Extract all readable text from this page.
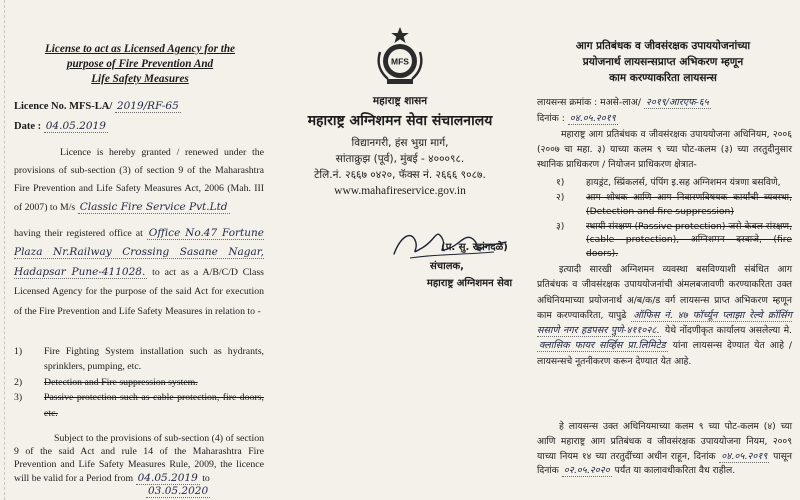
License to act as Licensed Agency for the
purpose of Fire Prevention And
Life Safety Measures
Licence No. MFS-LA/ 2019/RF-65
Date : 04.05.2019
Licence is hereby granted / renewed under the provisions of sub-section (3) of section 9 of the Maharashtra Fire Prevention and Life Safety Measures Act, 2006 (Mah. III of 2007) to M/s Classic Fire Service Pvt.Ltd
having their registered office at Office No.47 Fortune Plaza Nr.Railway Crossing Sasane Nagar, Hadapsar Pune-411028. to act as a A/B/C/D Class Licensed Agency for the purpose of the said Act for execution of the Fire Prevention and Life Safety Measures in relation to -
1)	Fire Fighting System installation such as hydrants, sprinklers, pumping, etc.
2)	Detection and Fire suppression system.
3)	Passive protection such as cable protection, fire doors, etc.
Subject to the provisions of sub-section (4) of section 9 of the said Act and rule 14 of the Maharashtra Fire Prevention and Life Safety Measures Rule, 2009, the licence will be valid for a Period from 04.05.2019 to
03.05.2020
MFS
महाराष्ट्र शासन
महाराष्ट्र अग्निशमन सेवा संचालनालय
विद्यानगरी, हंस भुग्रा मार्ग,
सांताक्रुझ (पूर्व), मुंबई - ४०००९८.
टेलि.नं. २६६७ ०४२०, फॅक्स नं. २६६६ ९०८७.
www.mahafireservice.gov.in
(प्र. सु. रहांगदळे)
संचालक,
महाराष्ट्र अग्निशमन सेवा
आग प्रतिबंधक व जीवसंरक्षक उपाययोजनांच्या
प्रयोजनार्थ लायसन्सप्राप्त अभिकरण म्हणून
काम करण्याकरिता लायसन्स
लायसन्स क्रमांक : मअसे-लाअ/ २०१९/आरएफ-६५
दिनांक : ०४.०५.२०१९
महाराष्ट्र आग प्रतिबंधक व जीवसंरक्षक उपाययोजना अधिनियम, २००६ (२००७ चा महा. ३) याच्या कलम ९ च्या पोट-कलम (३) च्या तरतुदीनुसार स्थानिक प्राधिकरण / नियोजन प्राधिकरण क्षेत्रात-
१)	हायड्रंट, स्प्रिंकलर्स, पंपिंग इ.सह अग्निशमन यंत्रणा बसविणे,
२)	आग शोधक आणि आग निवारणविषयक कार्यांची व्यवस्था, (Detection and fire suppression)
३)	स्थायी संरक्षण (Passive protection) जसे केबल संरक्षण, (cable protection), अग्निशमन दरवाजे, (fire doors).
इत्यादी सारखी अग्निशमन व्यवस्था बसविण्याशी संबंधित आग प्रतिबंधक व जीवसंरक्षक उपाययोजनांची अंमलबजावणी करण्याकरिता उक्त अधिनियमाच्या प्रयोजनार्थ अ/ब/क/ड वर्ग लायसन्स प्राप्त अभिकरण म्हणून काम करण्याकरिता, यापुढे ऑफिस नं. ४७ फॉर्च्यून प्लाझा रेल्वे क्रॉसिंग ससाणे नगर हडपसर पुणे-४११०२८. येथे नोंदणीकृत कार्यालय असलेल्या मे. क्लासिक फायर सर्व्हिस प्रा.लिमिटेड यांना लायसन्स देण्यात येत आहे / लायसन्सचे नूतनीकरण करून देण्यात येत आहे.
हे लायसन्स उक्त अधिनियमाच्या कलम ९ च्या पोट-कलम (४) च्या आणि महाराष्ट्र आग प्रतिबंधक व जीवसंरक्षक उपाययोजना नियम, २००९ याच्या नियम १४ च्या तरतुदींच्या अधीन राहून, दिनांक ०४.०५.२०१९ पासून दिनांक ०२.०५.२०२० पर्यंत या कालावधीकरिता वैध राहील.
